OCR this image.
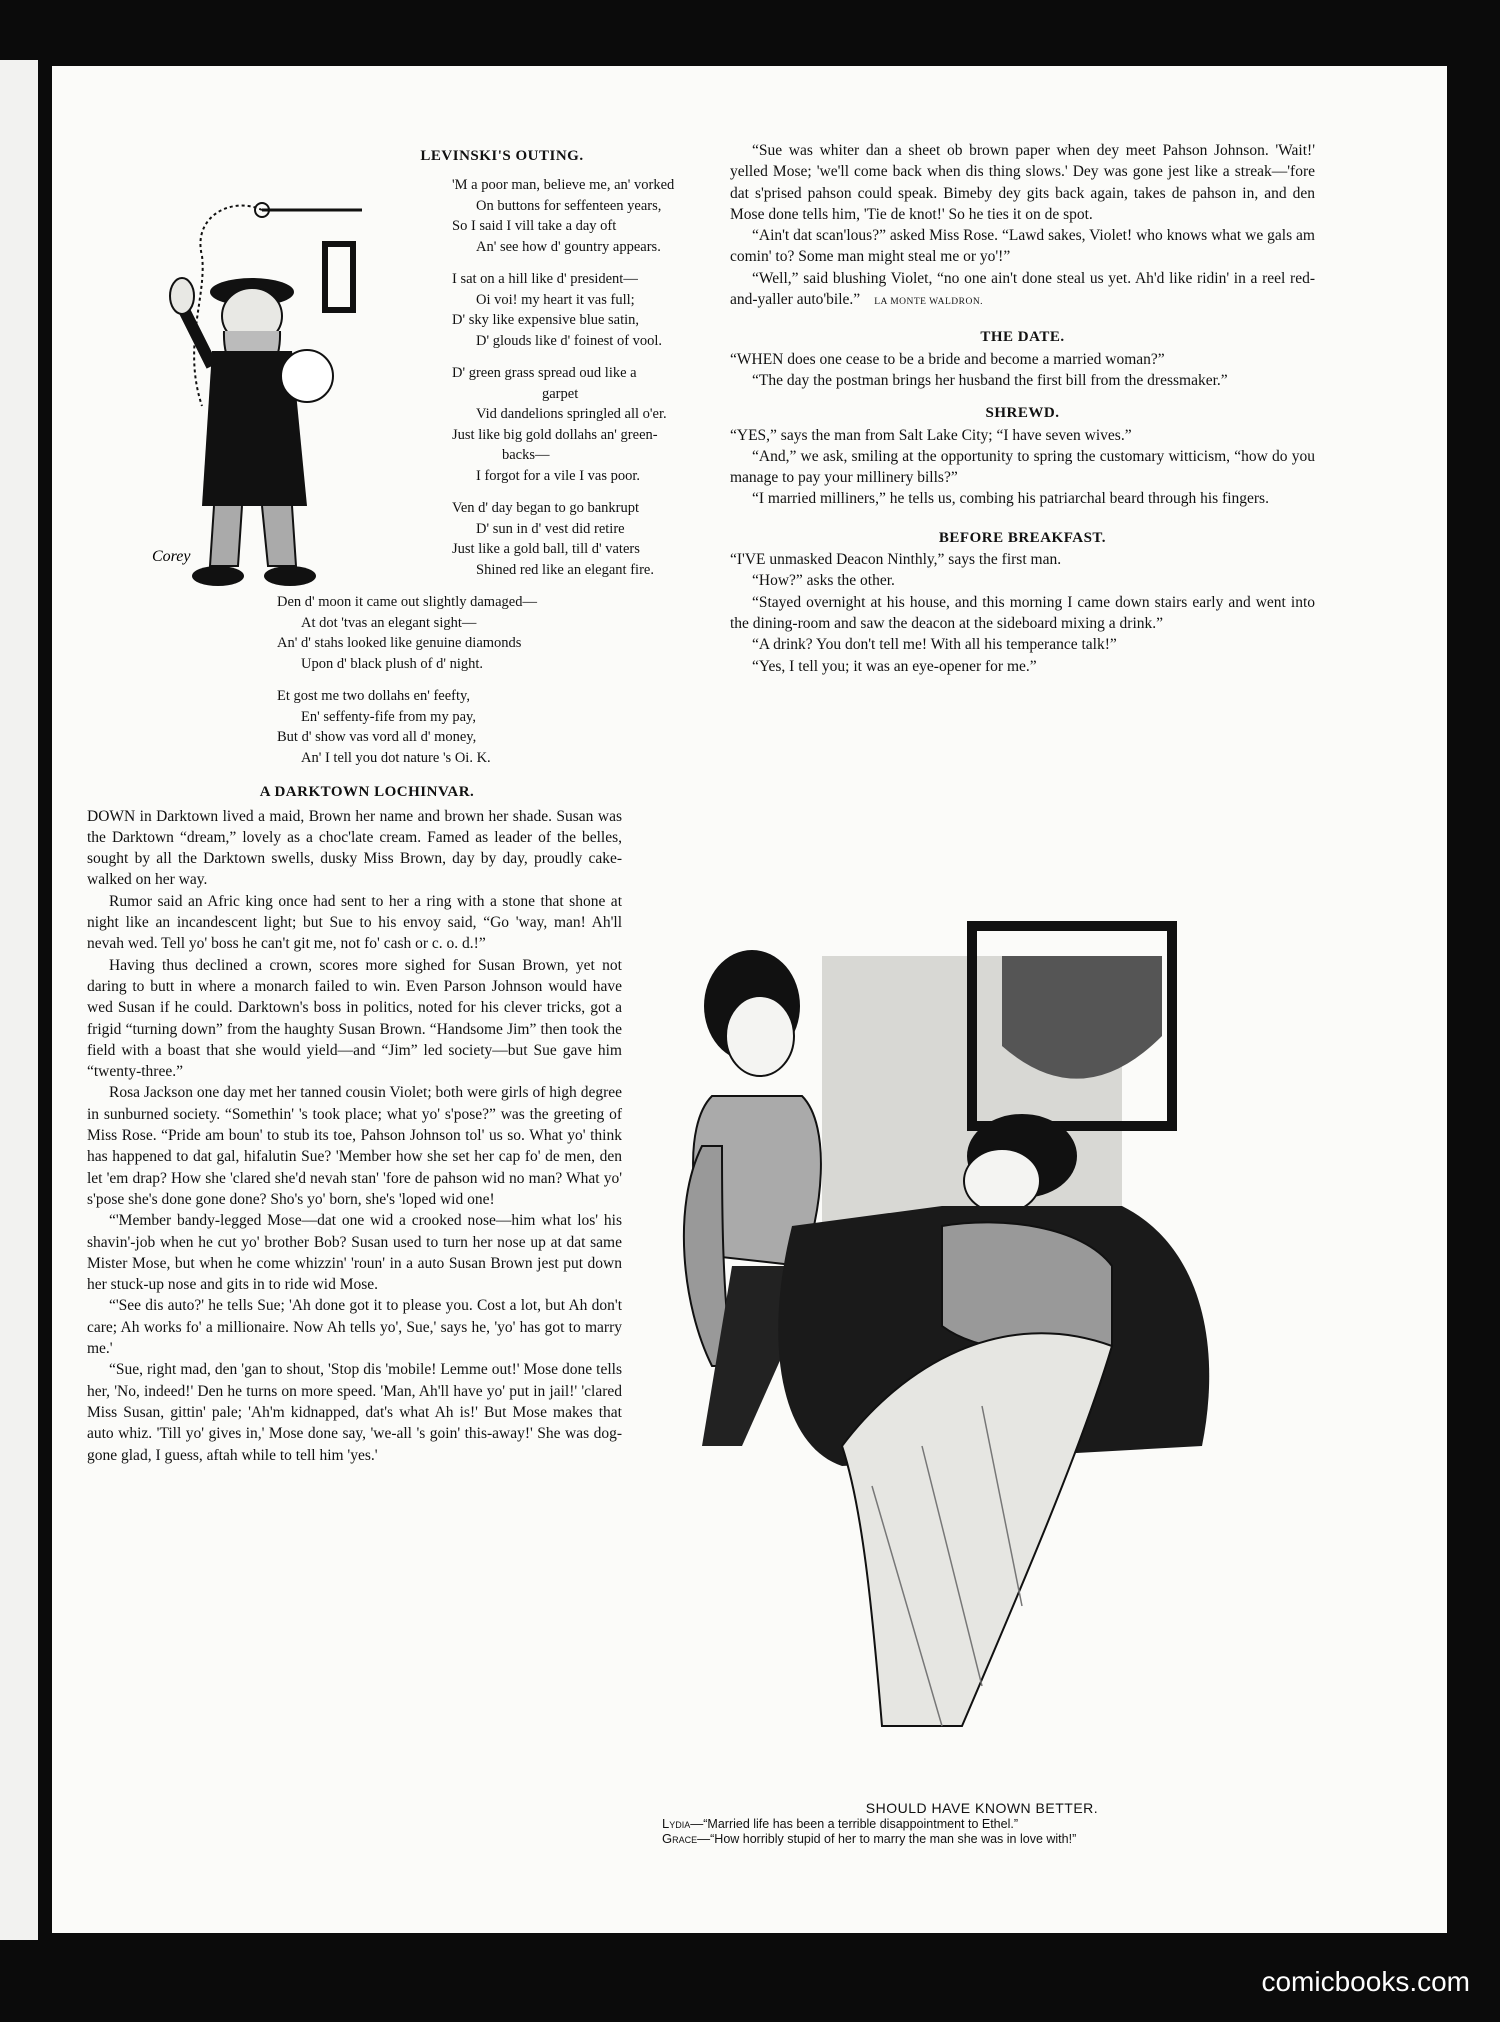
Corey
LEVINSKI'S OUTING.
'M a poor man, believe me, an' vorked
On buttons for seffenteen years,
So I said I vill take a day oft
An' see how d' gountry appears.
I sat on a hill like d' president—
Oi voi! my heart it vas full;
D' sky like expensive blue satin,
D' glouds like d' foinest of vool.
D' green grass spread oud like a
garpet
Vid dandelions springled all o'er.
Just like big gold dollahs an' green-
backs—
I forgot for a vile I vas poor.
Ven d' day began to go bankrupt
D' sun in d' vest did retire
Just like a gold ball, till d' vaters
Shined red like an elegant fire.
Den d' moon it came out slightly damaged—
At dot 'tvas an elegant sight—
An' d' stahs looked like genuine diamonds
Upon d' black plush of d' night.
Et gost me two dollahs en' feefty,
En' seffenty-fife from my pay,
But d' show vas vord all d' money,
An' I tell you dot nature 's Oi. K.
A DARKTOWN LOCHINVAR.

DOWN in Darktown lived a maid, Brown her name and brown her shade. Susan was the Darktown “dream,” lovely as a choc'late cream. Famed as leader of the belles, sought by all the Darktown swells, dusky Miss Brown, day by day, proudly cake-walked on her way.

Rumor said an Afric king once had sent to her a ring with a stone that shone at night like an incandescent light; but Sue to his envoy said, “Go 'way, man! Ah'll nevah wed. Tell yo' boss he can't git me, not fo' cash or c. o. d.!”

Having thus declined a crown, scores more sighed for Susan Brown, yet not daring to butt in where a monarch failed to win. Even Parson Johnson would have wed Susan if he could. Darktown's boss in politics, noted for his clever tricks, got a frigid “turning down” from the haughty Susan Brown. “Handsome Jim” then took the field with a boast that she would yield—and “Jim” led society—but Sue gave him “twenty-three.”

Rosa Jackson one day met her tanned cousin Violet; both were girls of high degree in sunburned society. “Somethin' 's took place; what yo' s'pose?” was the greeting of Miss Rose. “Pride am boun' to stub its toe, Pahson Johnson tol' us so. What yo' think has happened to dat gal, hifalutin Sue? 'Member how she set her cap fo' de men, den let 'em drap? How she 'clared she'd nevah stan' 'fore de pahson wid no man? What yo' s'pose she's done gone done? Sho's yo' born, she's 'loped wid one!

“'Member bandy-legged Mose—dat one wid a crooked nose—him what los' his shavin'-job when he cut yo' brother Bob? Susan used to turn her nose up at dat same Mister Mose, but when he come whizzin' 'roun' in a auto Susan Brown jest put down her stuck-up nose and gits in to ride wid Mose.

“'See dis auto?' he tells Sue; 'Ah done got it to please you. Cost a lot, but Ah don't care; Ah works fo' a millionaire. Now Ah tells yo', Sue,' says he, 'yo' has got to marry me.'

“Sue, right mad, den 'gan to shout, 'Stop dis 'mobile! Lemme out!' Mose done tells her, 'No, indeed!' Den he turns on more speed. 'Man, Ah'll have yo' put in jail!' 'clared Miss Susan, gittin' pale; 'Ah'm kidnapped, dat's what Ah is!' But Mose makes that auto whiz. 'Till yo' gives in,' Mose done say, 'we-all 's goin' this-away!' She was dog-gone glad, I guess, aftah while to tell him 'yes.'

“Sue was whiter dan a sheet ob brown paper when dey meet Pahson Johnson. 'Wait!' yelled Mose; 'we'll come back when dis thing slows.' Dey was gone jest like a streak—'fore dat s'prised pahson could speak. Bimeby dey gits back again, takes de pahson in, and den Mose done tells him, 'Tie de knot!' So he ties it on de spot.

“Ain't dat scan'lous?” asked Miss Rose. “Lawd sakes, Violet! who knows what we gals am comin' to? Some man might steal me or yo'!”

“Well,” said blushing Violet, “no one ain't done steal us yet. Ah'd like ridin' in a reel red-and-yaller auto'bile.” LA MONTE WALDRON.

THE DATE.

“WHEN does one cease to be a bride and become a married woman?”

“The day the postman brings her husband the first bill from the dressmaker.”

SHREWD.

“YES,” says the man from Salt Lake City; “I have seven wives.”

“And,” we ask, smiling at the opportunity to spring the customary witticism, “how do you manage to pay your millinery bills?”

“I married milliners,” he tells us, combing his patriarchal beard through his fingers.

BEFORE BREAKFAST.

“I'VE unmasked Deacon Ninthly,” says the first man.

“How?” asks the other.

“Stayed overnight at his house, and this morning I came down stairs early and went into the dining-room and saw the deacon at the sideboard mixing a drink.”

“A drink? You don't tell me! With all his temperance talk!”

“Yes, I tell you; it was an eye-opener for me.”

SHOULD HAVE KNOWN BETTER.
Lydia—“Married life has been a terrible disappointment to Ethel.”
Grace—“How horribly stupid of her to marry the man she was in love with!”
comicbooks.com
